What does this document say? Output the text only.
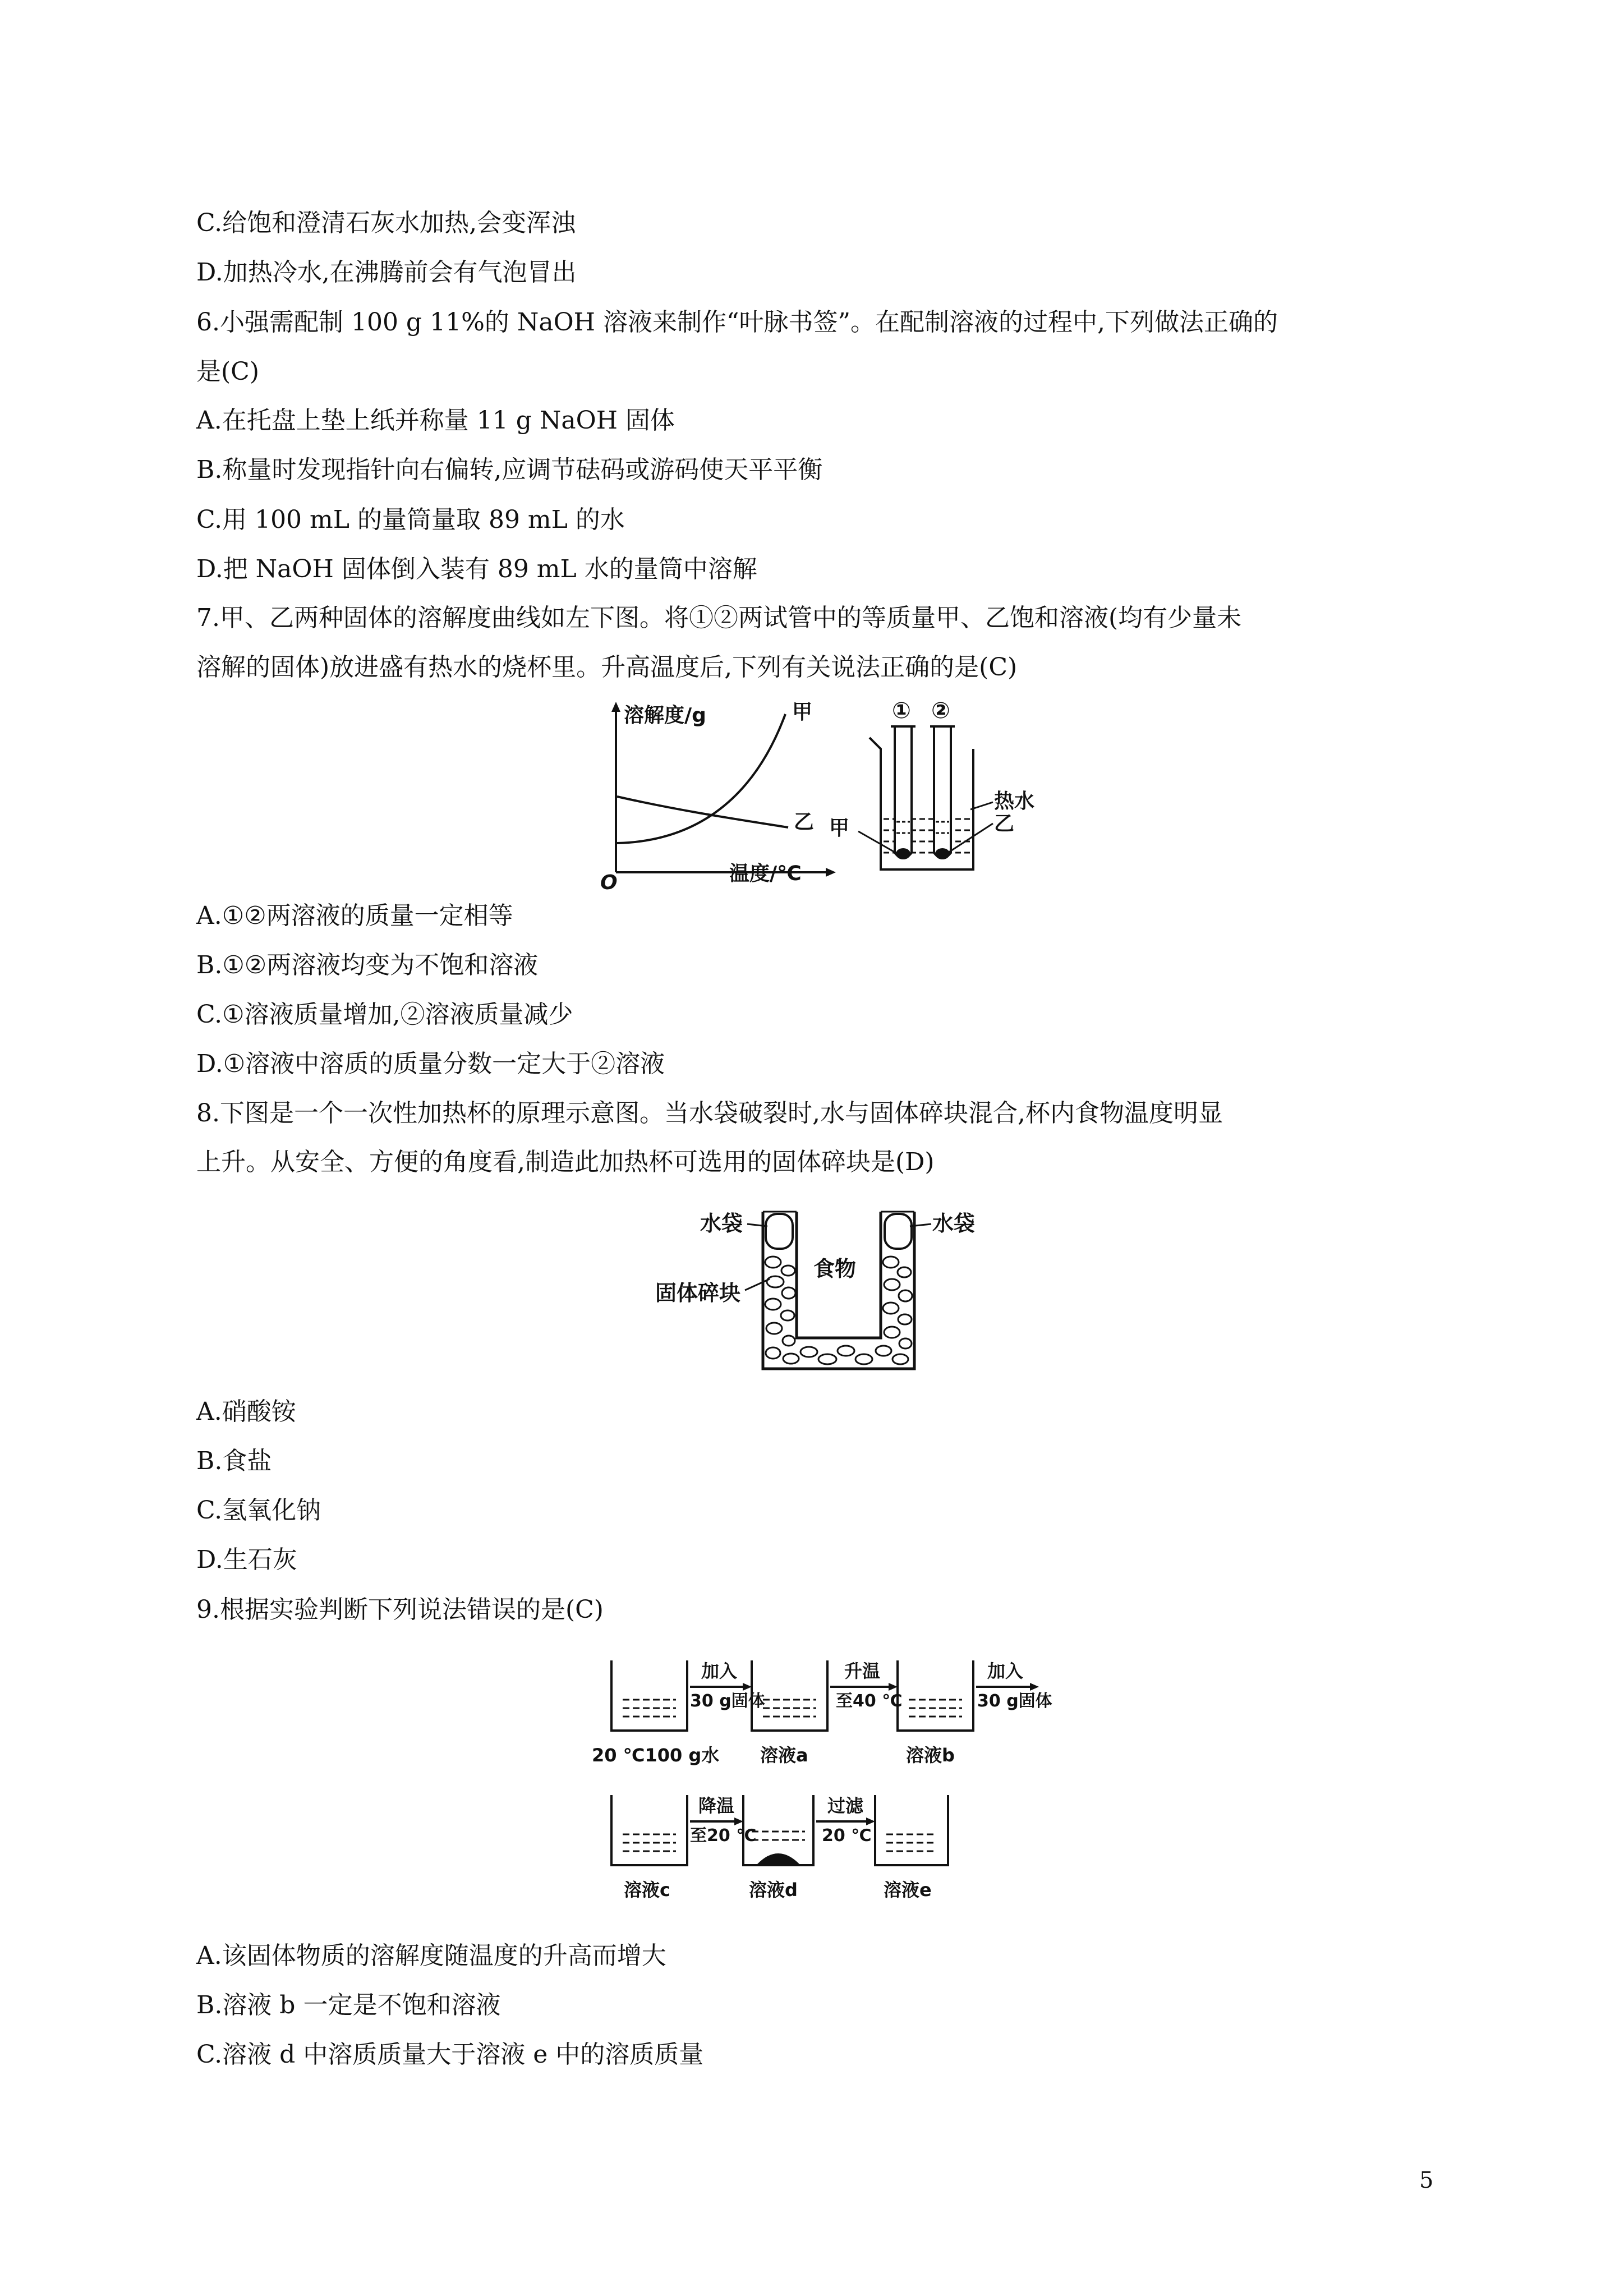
C.给饱和澄清石灰水加热,会变浑浊
D.加热冷水,在沸腾前会有气泡冒出
6.小强需配制 100 g 11%的 NaOH 溶液来制作“叶脉书签”。在配制溶液的过程中,下列做法正确的
是(C)
A.在托盘上垫上纸并称量 11 g NaOH 固体
B.称量时发现指针向右偏转,应调节砝码或游码使天平平衡
C.用 100 mL 的量筒量取 89 mL 的水
D.把 NaOH 固体倒入装有 89 mL 水的量筒中溶解
7.甲、乙两种固体的溶解度曲线如左下图。将①②两试管中的等质量甲、乙饱和溶液(均有少量未
溶解的固体)放进盛有热水的烧杯里。升高温度后,下列有关说法正确的是(C)
溶解度/g	甲
乙
O	温度/℃
① ②
甲
热水
乙
A.①②两溶液的质量一定相等
B.①②两溶液均变为不饱和溶液
C.①溶液质量增加,②溶液质量减少
D.①溶液中溶质的质量分数一定大于②溶液
8.下图是一个一次性加热杯的原理示意图。当水袋破裂时,水与固体碎块混合,杯内食物温度明显
上升。从安全、方便的角度看,制造此加热杯可选用的固体碎块是(D)
水袋	水袋
食物
固体碎块
A.硝酸铵
B.食盐
C.氢氧化钠
D.生石灰
9.根据实验判断下列说法错误的是(C)
加入
30 g固体
升温
至40 ℃
加入
30 g固体
20 ℃100 g水 溶液a	溶液b
降温
至20 ℃
过滤
20 ℃
溶液c	溶液d	溶液e
A.该固体物质的溶解度随温度的升高而增大
B.溶液 b 一定是不饱和溶液
C.溶液 d 中溶质质量大于溶液 e 中的溶质质量
5
